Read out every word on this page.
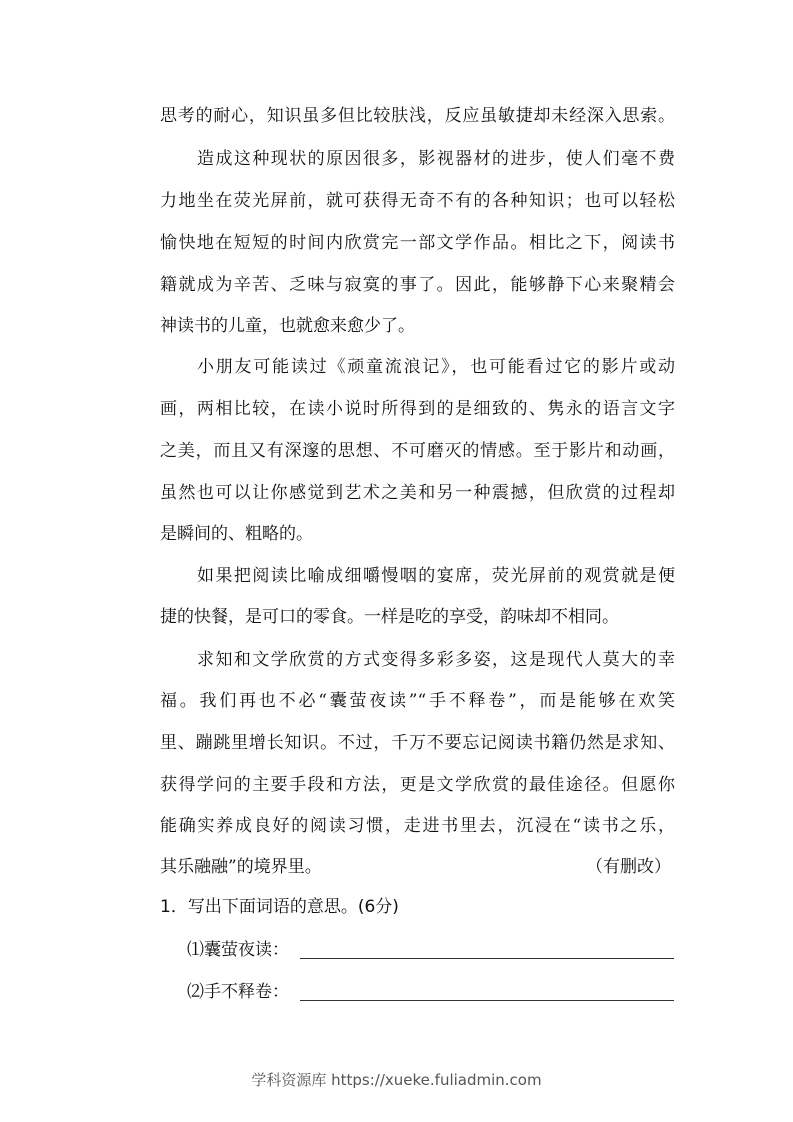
思考的耐心，知识虽多但比较肤浅，反应虽敏捷却未经深入思索。
造成这种现状的原因很多，影视器材的进步，使人们毫不费
力地坐在荧光屏前，就可获得无奇不有的各种知识；也可以轻松
愉快地在短短的时间内欣赏完一部文学作品。相比之下，阅读书
籍就成为辛苦、乏味与寂寞的事了。因此，能够静下心来聚精会
神读书的儿童，也就愈来愈少了。
小朋友可能读过《顽童流浪记》，也可能看过它的影片或动
画，两相比较，在读小说时所得到的是细致的、隽永的语言文字
之美，而且又有深邃的思想、不可磨灭的情感。至于影片和动画，
虽然也可以让你感觉到艺术之美和另一种震撼，但欣赏的过程却
是瞬间的、粗略的。
如果把阅读比喻成细嚼慢咽的宴席，荧光屏前的观赏就是便
捷的快餐，是可口的零食。一样是吃的享受，韵味却不相同。
求知和文学欣赏的方式变得多彩多姿，这是现代人莫大的幸
福。我们再也不必“囊萤夜读”“手不释卷”，而是能够在欢笑
里、蹦跳里增长知识。不过，千万不要忘记阅读书籍仍然是求知、
获得学问的主要手段和方法，更是文学欣赏的最佳途径。但愿你
能确实养成良好的阅读习惯，走进书里去，沉浸在“读书之乐，
其乐融融”的境界里。	（有删改）
1．写出下面词语的意思。(6分)
⑴囊萤夜读：
⑵手不释卷：
学科资源库 https://xueke.fuliadmin.com
